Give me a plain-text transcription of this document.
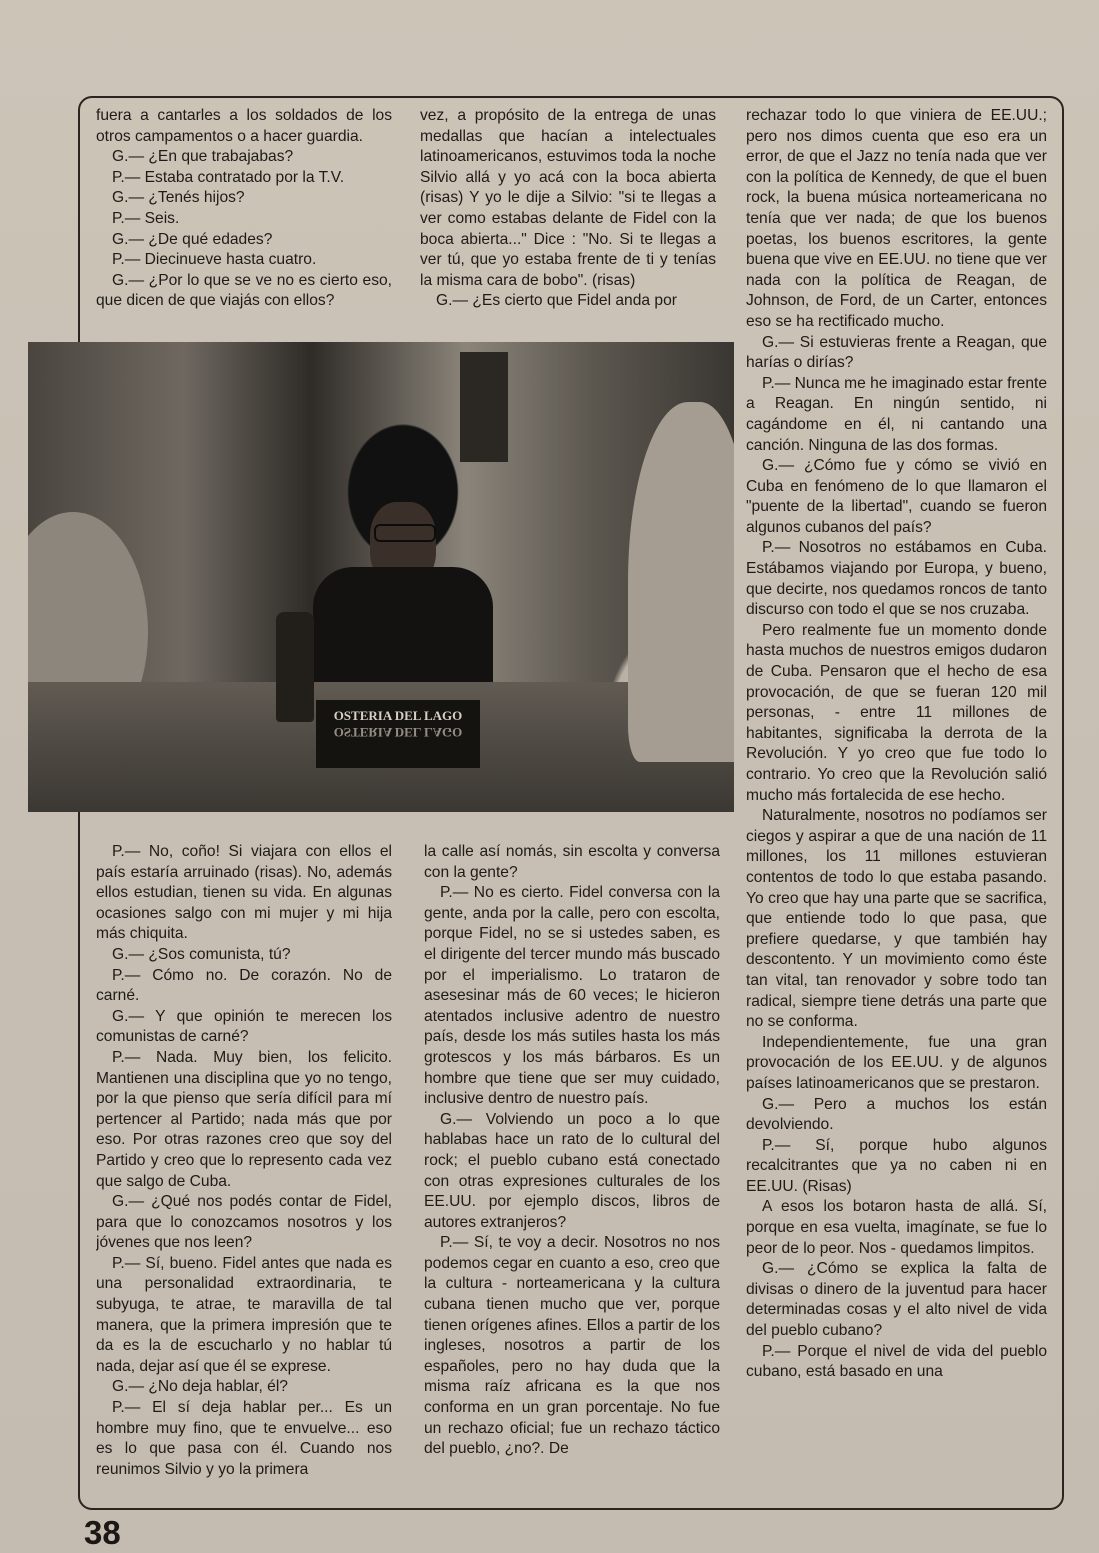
fuera a cantarles a los soldados de los otros campamentos o a hacer guardia.

G.— ¿En que trabajabas?

P.— Estaba contratado por la T.V.

G.— ¿Tenés hijos?

P.— Seis.

G.— ¿De qué edades?

P.— Diecinueve hasta cuatro.

G.— ¿Por lo que se ve no es cierto eso, que dicen de que viajás con ellos?

vez, a propósito de la entrega de unas medallas que hacían a intelectuales latinoamericanos, estuvimos toda la noche Silvio allá y yo acá con la boca abierta (risas) Y yo le dije a Silvio: "si te llegas a ver como estabas delante de Fidel con la boca abierta..." Dice : "No. Si te llegas a ver tú, que yo estaba frente de ti y tenías la misma cara de bobo". (risas)

G.— ¿Es cierto que Fidel anda por

rechazar todo lo que viniera de EE.UU.; pero nos dimos cuenta que eso era un error, de que el Jazz no tenía nada que ver con la política de Kennedy, de que el buen rock, la buena música norteamericana no tenía que ver nada; de que los buenos poetas, los buenos escritores, la gente buena que vive en EE.UU. no tiene que ver nada con la política de Reagan, de Johnson, de Ford, de un Carter, entonces eso se ha rectificado mucho.

G.— Si estuvieras frente a Reagan, que harías o dirías?

P.— Nunca me he imaginado estar frente a Reagan. En ningún sentido, ni cagándome en él, ni cantando una canción. Ninguna de las dos formas.

G.— ¿Cómo fue y cómo se vivió en Cuba en fenómeno de lo que llamaron el "puente de la libertad", cuando se fueron algunos cubanos del país?

P.— Nosotros no estábamos en Cuba. Estábamos viajando por Europa, y bueno, que decirte, nos quedamos roncos de tanto discurso con todo el que se nos cruzaba.

Pero realmente fue un momento donde hasta muchos de nuestros emigos dudaron de Cuba. Pensaron que el hecho de esa provocación, de que se fueran 120 mil personas, - entre 11 millones de habitantes, significaba la derrota de la Revolución. Y yo creo que fue todo lo contrario. Yo creo que la Revolución salió mucho más fortalecida de ese hecho.

Naturalmente, nosotros no podíamos ser ciegos y aspirar a que de una nación de 11 millones, los 11 millones estuvieran contentos de todo lo que estaba pasando. Yo creo que hay una parte que se sacrifica, que entiende todo lo que pasa, que prefiere quedarse, y que también hay descontento. Y un movimiento como éste tan vital, tan renovador y sobre todo tan radical, siempre tiene detrás una parte que no se conforma.

Independientemente, fue una gran provocación de los EE.UU. y de algunos países latinoamericanos que se prestaron.

G.— Pero a muchos los están devolviendo.

P.— Sí, porque hubo algunos recalcitrantes que ya no caben ni en EE.UU. (Risas)

A esos los botaron hasta de allá. Sí, porque en esa vuelta, imagínate, se fue lo peor de lo peor. Nos - quedamos limpitos.

G.— ¿Cómo se explica la falta de divisas o dinero de la juventud para hacer determinadas cosas y el alto nivel de vida del pueblo cubano?

P.— Porque el nivel de vida del pueblo cubano, está basado en una

OSTERIA DEL LAGO
OSTERIA DEL LAGO

P.— No, coño! Si viajara con ellos el país estaría arruinado (risas). No, además ellos estudian, tienen su vida. En algunas ocasiones salgo con mi mujer y mi hija más chiquita.

G.— ¿Sos comunista, tú?

P.— Cómo no. De corazón. No de carné.

G.— Y que opinión te merecen los comunistas de carné?

P.— Nada. Muy bien, los felicito. Mantienen una disciplina que yo no tengo, por la que pienso que sería difícil para mí pertencer al Partido; nada más que por eso. Por otras razones creo que soy del Partido y creo que lo represento cada vez que salgo de Cuba.

G.— ¿Qué nos podés contar de Fidel, para que lo conozcamos nosotros y los jóvenes que nos leen?

P.— Sí, bueno. Fidel antes que nada es una personalidad extraordinaria, te subyuga, te atrae, te maravilla de tal manera, que la primera impresión que te da es la de escucharlo y no hablar tú nada, dejar así que él se exprese.

G.— ¿No deja hablar, él?

P.— El sí deja hablar per... Es un hombre muy fino, que te envuelve... eso es lo que pasa con él. Cuando nos reunimos Silvio y yo la primera

la calle así nomás, sin escolta y conversa con la gente?

P.— No es cierto. Fidel conversa con la gente, anda por la calle, pero con escolta, porque Fidel, no se si ustedes saben, es el dirigente del tercer mundo más buscado por el imperialismo. Lo trataron de asesesinar más de 60 veces; le hicieron atentados inclusive adentro de nuestro país, desde los más sutiles hasta los más grotescos y los más bárbaros. Es un hombre que tiene que ser muy cuidado, inclusive dentro de nuestro país.

G.— Volviendo un poco a lo que hablabas hace un rato de lo cultural del rock; el pueblo cubano está conectado con otras expresiones culturales de los EE.UU. por ejemplo discos, libros de autores extranjeros?

P.— Sí, te voy a decir. Nosotros no nos podemos cegar en cuanto a eso, creo que la cultura - norteamericana y la cultura cubana tienen mucho que ver, porque tienen orígenes afines. Ellos a partir de los ingleses, nosotros a partir de los españoles, pero no hay duda que la misma raíz africana es la que nos conforma en un gran porcentaje. No fue un rechazo oficial; fue un rechazo táctico del pueblo, ¿no?. De

38
